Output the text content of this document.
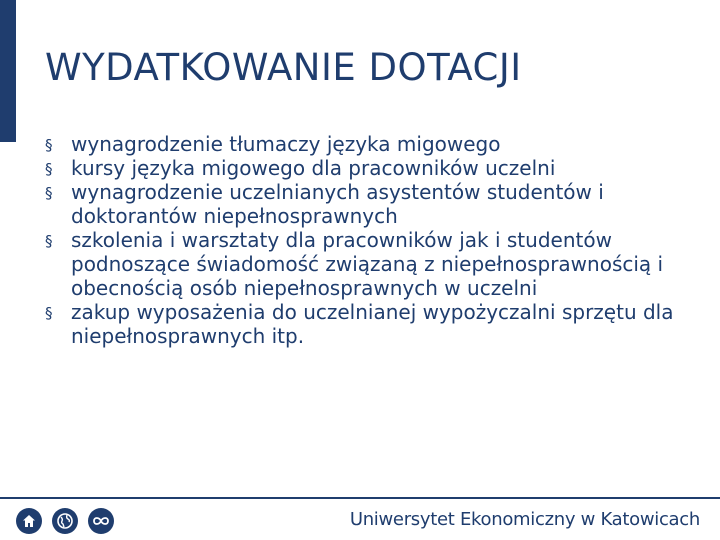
WYDATKOWANIE DOTACJI
§ wynagrodzenie tłumaczy języka migowego
§ kursy języka migowego dla pracowników uczelni
§ wynagrodzenie uczelnianych asystentów studentów i doktorantów niepełnosprawnych
§ szkolenia i warsztaty dla pracowników jak i studentów podnoszące świadomość związaną z niepełnosprawnością i obecnością osób niepełnosprawnych w uczelni
§ zakup wyposażenia do uczelnianej wypożyczalni sprzętu dla niepełnosprawnych itp.
Uniwersytet Ekonomiczny w Katowicach
